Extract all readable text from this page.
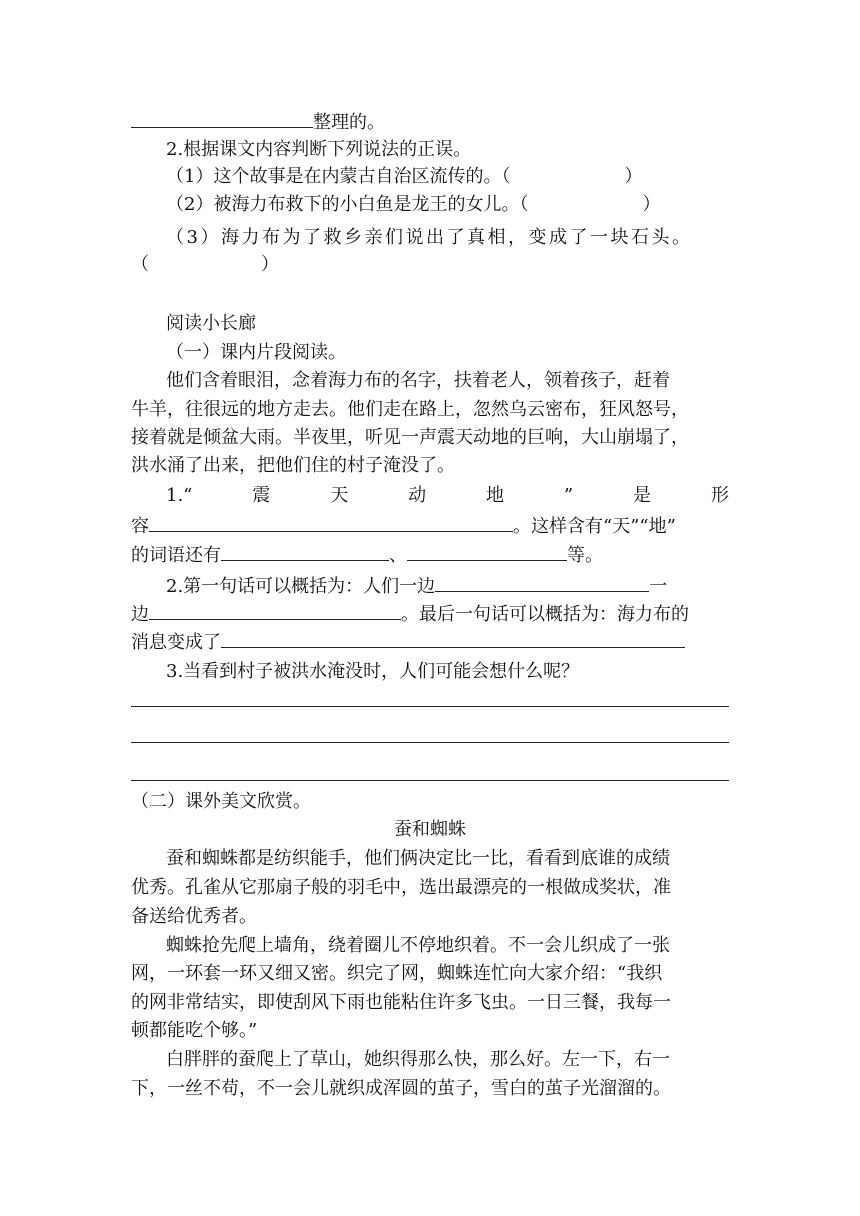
整理的。
2.根据课文内容判断下列说法的正误。
（1）这个故事是在内蒙古自治区流传的。（	）
（2）被海力布救下的小白鱼是龙王的女儿。（	）
（3）海力布为了救乡亲们说出了真相，变成了一块石头。
（	）
阅读小长廊
（一）课内片段阅读。
他们含着眼泪，念着海力布的名字，扶着老人，领着孩子，赶着
牛羊，往很远的地方走去。他们走在路上，忽然乌云密布，狂风怒号，
接着就是倾盆大雨。半夜里，听见一声震天动地的巨响，大山崩塌了，
洪水涌了出来，把他们住的村子淹没了。
1.“	震	天	动	地	”	是	形
容	。这样含有“天”“地”
的词语还有	、	等。
2.第一句话可以概括为：人们一边	一
边	。最后一句话可以概括为：海力布的
消息变成了
3.当看到村子被洪水淹没时，人们可能会想什么呢？
（二）课外美文欣赏。
蚕和蜘蛛
蚕和蜘蛛都是纺织能手，他们俩决定比一比，看看到底谁的成绩
优秀。孔雀从它那扇子般的羽毛中，选出最漂亮的一根做成奖状，准
备送给优秀者。
蜘蛛抢先爬上墙角，绕着圈儿不停地织着。不一会儿织成了一张
网，一环套一环又细又密。织完了网，蜘蛛连忙向大家介绍：“我织
的网非常结实，即使刮风下雨也能粘住许多飞虫。一日三餐，我每一
顿都能吃个够。”
白胖胖的蚕爬上了草山，她织得那么快，那么好。左一下，右一
下，一丝不苟，不一会儿就织成浑圆的茧子，雪白的茧子光溜溜的。
